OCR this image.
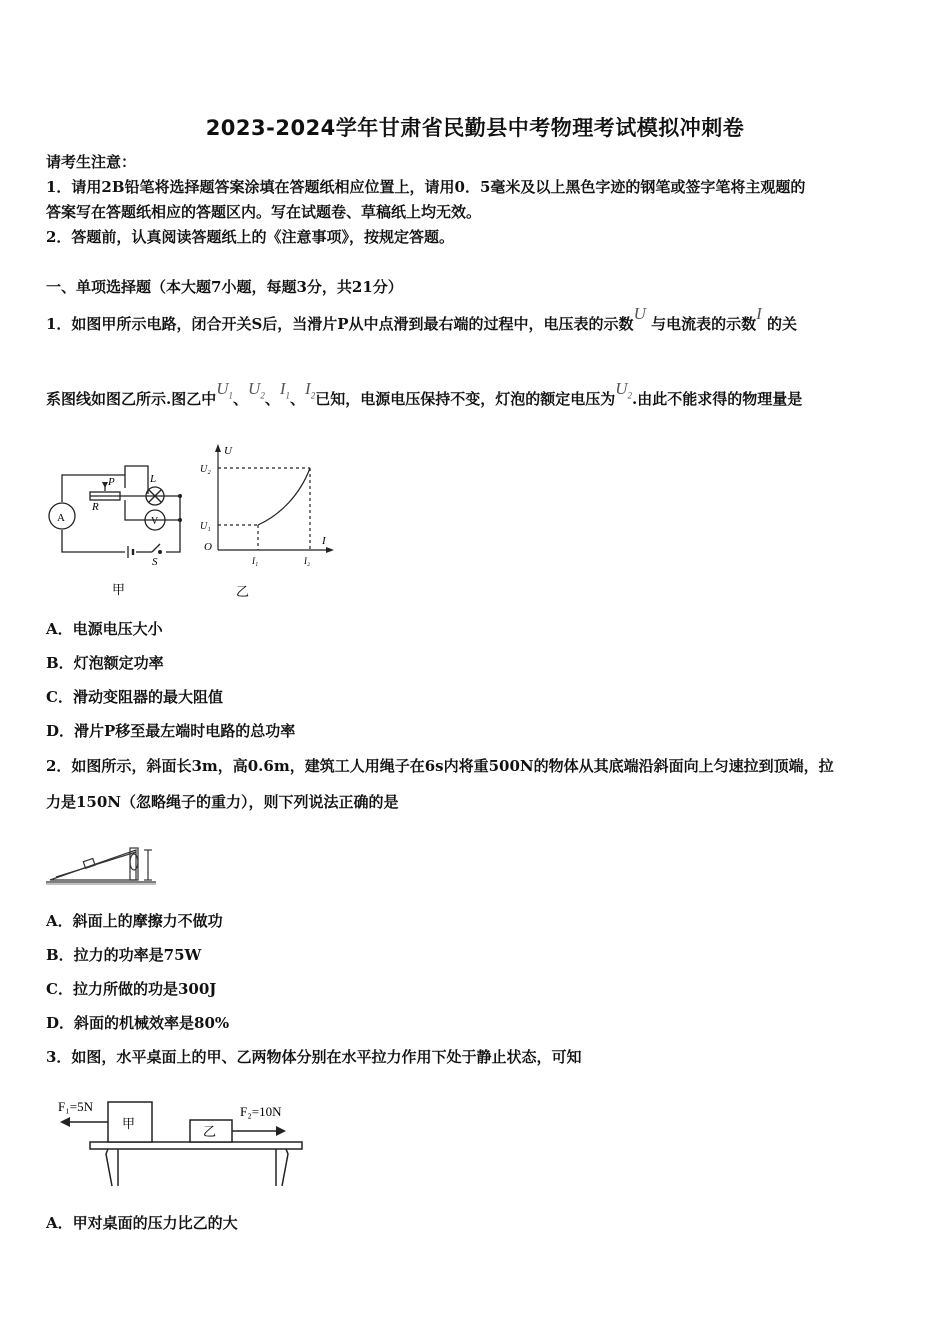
2023-2024学年甘肃省民勤县中考物理考试模拟冲刺卷
请考生注意：
1．请用2B铅笔将选择题答案涂填在答题纸相应位置上，请用0．5毫米及以上黑色字迹的钢笔或签字笔将主观题的
答案写在答题纸相应的答题区内。写在试题卷、草稿纸上均无效。
2．答题前，认真阅读答题纸上的《注意事项》，按规定答题。
一、单项选择题（本大题7小题，每题3分，共21分）
1．如图甲所示电路，闭合开关S后，当滑片P从中点滑到最右端的过程中，电压表的示数U 与电流表的示数I 的关
系图线如图乙所示.图乙中$U_1$、$U_2$、$I_1$、$I_2$已知，电源电压保持不变，灯泡的额定电压为$U_2$.由此不能求得的物理量是
A	V
P
R
L
S
甲
U
I
O
U₁
U₂
I₁	I₂
乙
A．电源电压大小
B．灯泡额定功率
C．滑动变阻器的最大阻值
D．滑片P移至最左端时电路的总功率
2．如图所示，斜面长3m，高0.6m，建筑工人用绳子在6s内将重500N的物体从其底端沿斜面向上匀速拉到顶端，拉
力是150N（忽略绳子的重力），则下列说法正确的是
A．斜面上的摩擦力不做功
B．拉力的功率是75W
C．拉力所做的功是300J
D．斜面的机械效率是80%
3．如图，水平桌面上的甲、乙两物体分别在水平拉力作用下处于静止状态，可知
F₁=5N	F₂=10N
甲
乙
A．甲对桌面的压力比乙的大
